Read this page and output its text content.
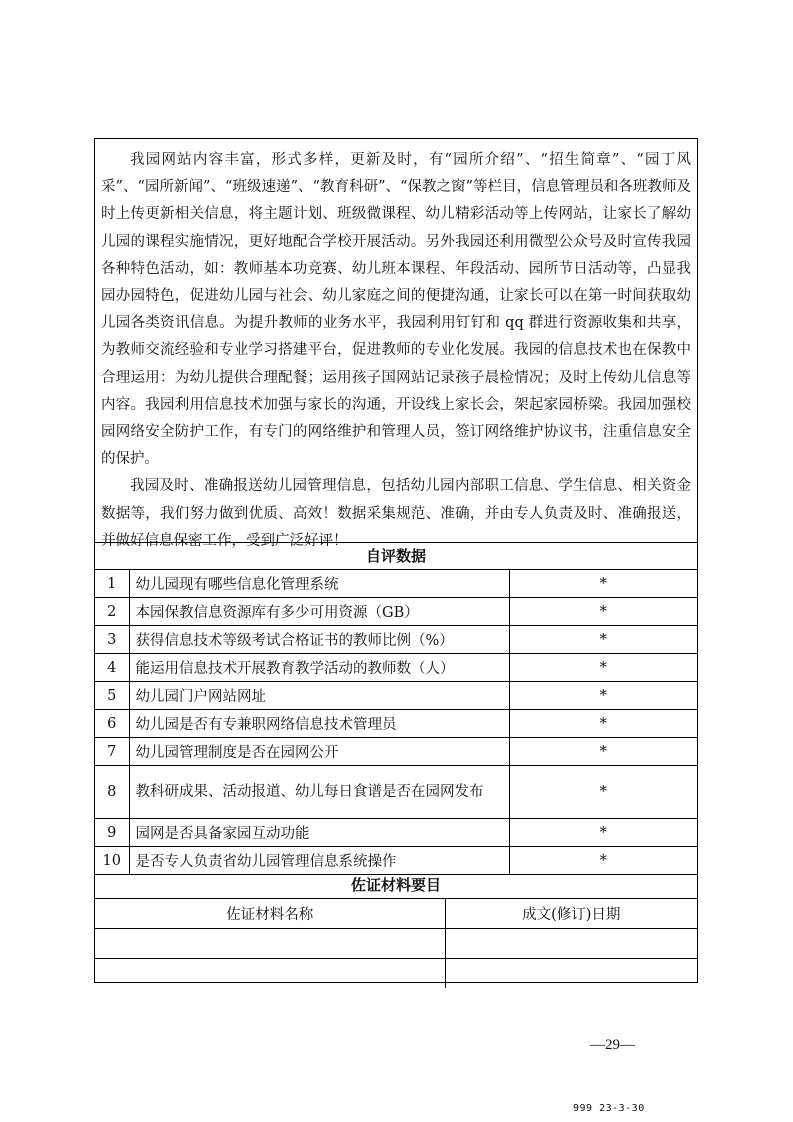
我园网站内容丰富，形式多样，更新及时，有“园所介绍”、“招生简章”、“园丁风采”、“园所新闻”、“班级速递”、“教育科研”、“保教之窗”等栏目，信息管理员和各班教师及时上传更新相关信息，将主题计划、班级微课程、幼儿精彩活动等上传网站，让家长了解幼儿园的课程实施情况，更好地配合学校开展活动。另外我园还利用微型公众号及时宣传我园各种特色活动，如：教师基本功竞赛、幼儿班本课程、年段活动、园所节日活动等，凸显我园办园特色，促进幼儿园与社会、幼儿家庭之间的便捷沟通，让家长可以在第一时间获取幼儿园各类资讯信息。为提升教师的业务水平，我园利用钉钉和 qq 群进行资源收集和共享，为教师交流经验和专业学习搭建平台，促进教师的专业化发展。我园的信息技术也在保教中合理运用：为幼儿提供合理配餐；运用孩子国网站记录孩子晨检情况；及时上传幼儿信息等内容。我园利用信息技术加强与家长的沟通，开设线上家长会，架起家园桥梁。我园加强校园网络安全防护工作，有专门的网络维护和管理人员，签订网络维护协议书，注重信息安全的保护。

我园及时、准确报送幼儿园管理信息，包括幼儿园内部职工信息、学生信息、相关资金数据等，我们努力做到优质、高效！数据采集规范、准确，并由专人负责及时、准确报送，并做好信息保密工作，受到广泛好评！

自评数据
1	幼儿园现有哪些信息化管理系统	*
2	本园保教信息资源库有多少可用资源（GB）	*
3	获得信息技术等级考试合格证书的教师比例（%）	*
4	能运用信息技术开展教育教学活动的教师数（人）	*
5	幼儿园门户网站网址	*
6	幼儿园是否有专兼职网络信息技术管理员	*
7	幼儿园管理制度是否在园网公开	*
8	教科研成果、活动报道、幼儿每日食谱是否在园网发布	*
9	园网是否具备家园互动功能	*
10	是否专人负责省幼儿园管理信息系统操作	*
佐证材料要目
佐证材料名称	成文(修订)日期

—29—
999 23-3-30
